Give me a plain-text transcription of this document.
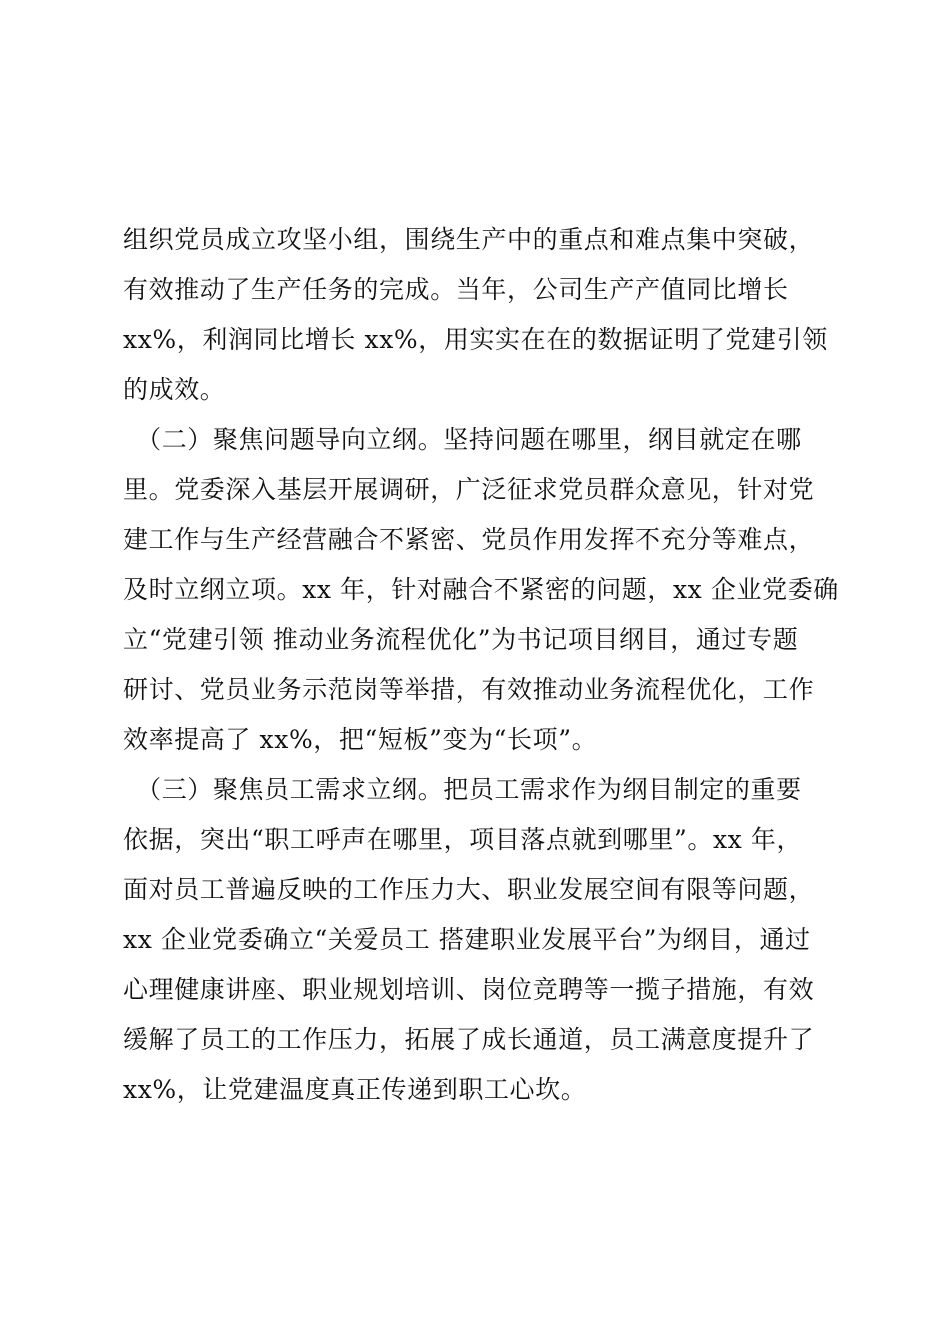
组织党员成立攻坚小组，围绕生产中的重点和难点集中突破，
有效推动了生产任务的完成。当年，公司生产产值同比增长
xx%，利润同比增长 xx%，用实实在在的数据证明了党建引领
的成效。
　（二）聚焦问题导向立纲。坚持问题在哪里，纲目就定在哪
里。党委深入基层开展调研，广泛征求党员群众意见，针对党
建工作与生产经营融合不紧密、党员作用发挥不充分等难点，
及时立纲立项。xx 年，针对融合不紧密的问题，xx 企业党委确
立“党建引领 推动业务流程优化”为书记项目纲目，通过专题
研讨、党员业务示范岗等举措，有效推动业务流程优化，工作
效率提高了 xx%，把“短板”变为“长项”。
　（三）聚焦员工需求立纲。把员工需求作为纲目制定的重要
依据，突出“职工呼声在哪里，项目落点就到哪里”。xx 年，
面对员工普遍反映的工作压力大、职业发展空间有限等问题，
xx 企业党委确立“关爱员工 搭建职业发展平台”为纲目，通过
心理健康讲座、职业规划培训、岗位竞聘等一揽子措施，有效
缓解了员工的工作压力，拓展了成长通道，员工满意度提升了
xx%，让党建温度真正传递到职工心坎。
